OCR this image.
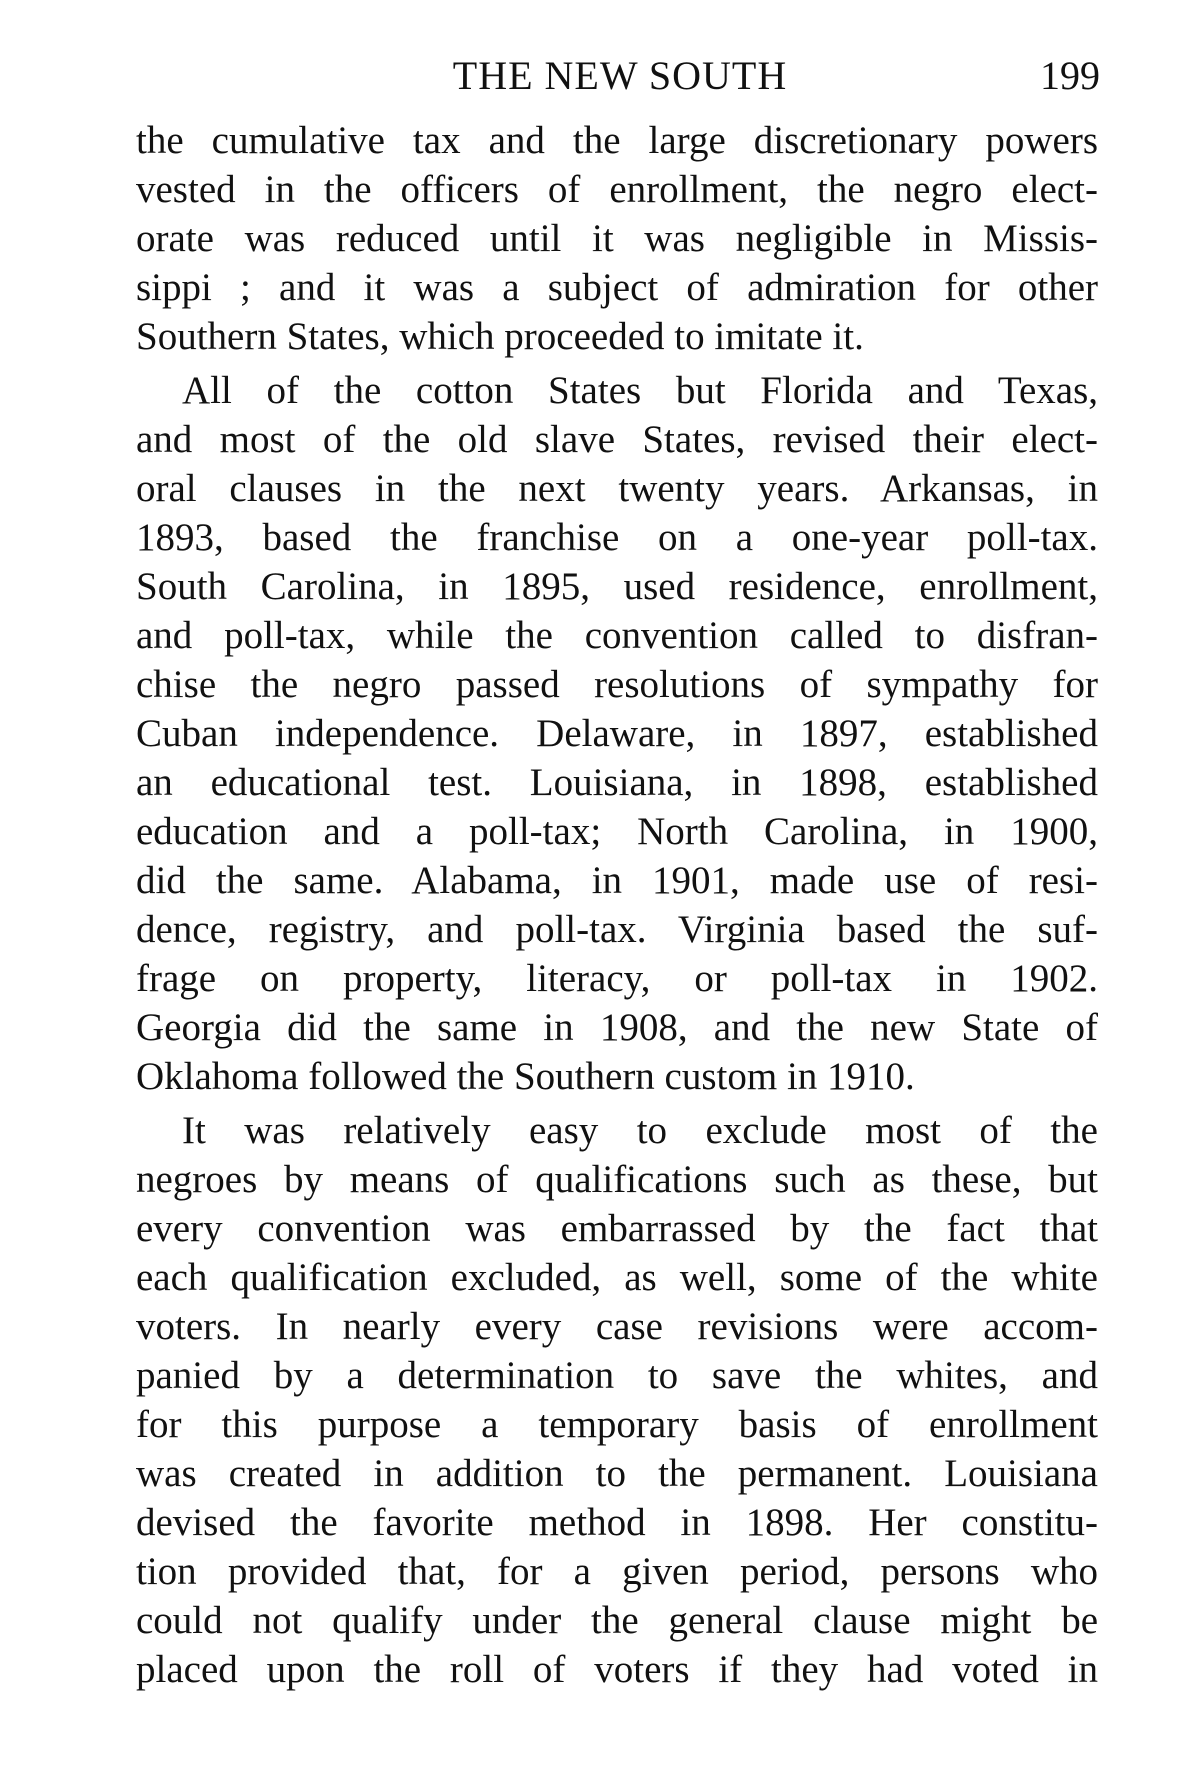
THE NEW SOUTH	199
the cumulative tax and the large discretionary powers
vested in the officers of enrollment, the negro elect-
orate was reduced until it was negligible in Missis-
sippi ; and it was a subject of admiration for other
Southern States, which proceeded to imitate it.
All of the cotton States but Florida and Texas,
and most of the old slave States, revised their elect-
oral clauses in the next twenty years. Arkansas, in
1893, based the franchise on a one-year poll-tax.
South Carolina, in 1895, used residence, enrollment,
and poll-tax, while the convention called to disfran-
chise the negro passed resolutions of sympathy for
Cuban independence. Delaware, in 1897, established
an educational test. Louisiana, in 1898, established
education and a poll-tax; North Carolina, in 1900,
did the same. Alabama, in 1901, made use of resi-
dence, registry, and poll-tax. Virginia based the suf-
frage on property, literacy, or poll-tax in 1902.
Georgia did the same in 1908, and the new State of
Oklahoma followed the Southern custom in 1910.
It was relatively easy to exclude most of the
negroes by means of qualifications such as these, but
every convention was embarrassed by the fact that
each qualification excluded, as well, some of the white
voters. In nearly every case revisions were accom-
panied by a determination to save the whites, and
for this purpose a temporary basis of enrollment
was created in addition to the permanent. Louisiana
devised the favorite method in 1898. Her constitu-
tion provided that, for a given period, persons who
could not qualify under the general clause might be
placed upon the roll of voters if they had voted in
